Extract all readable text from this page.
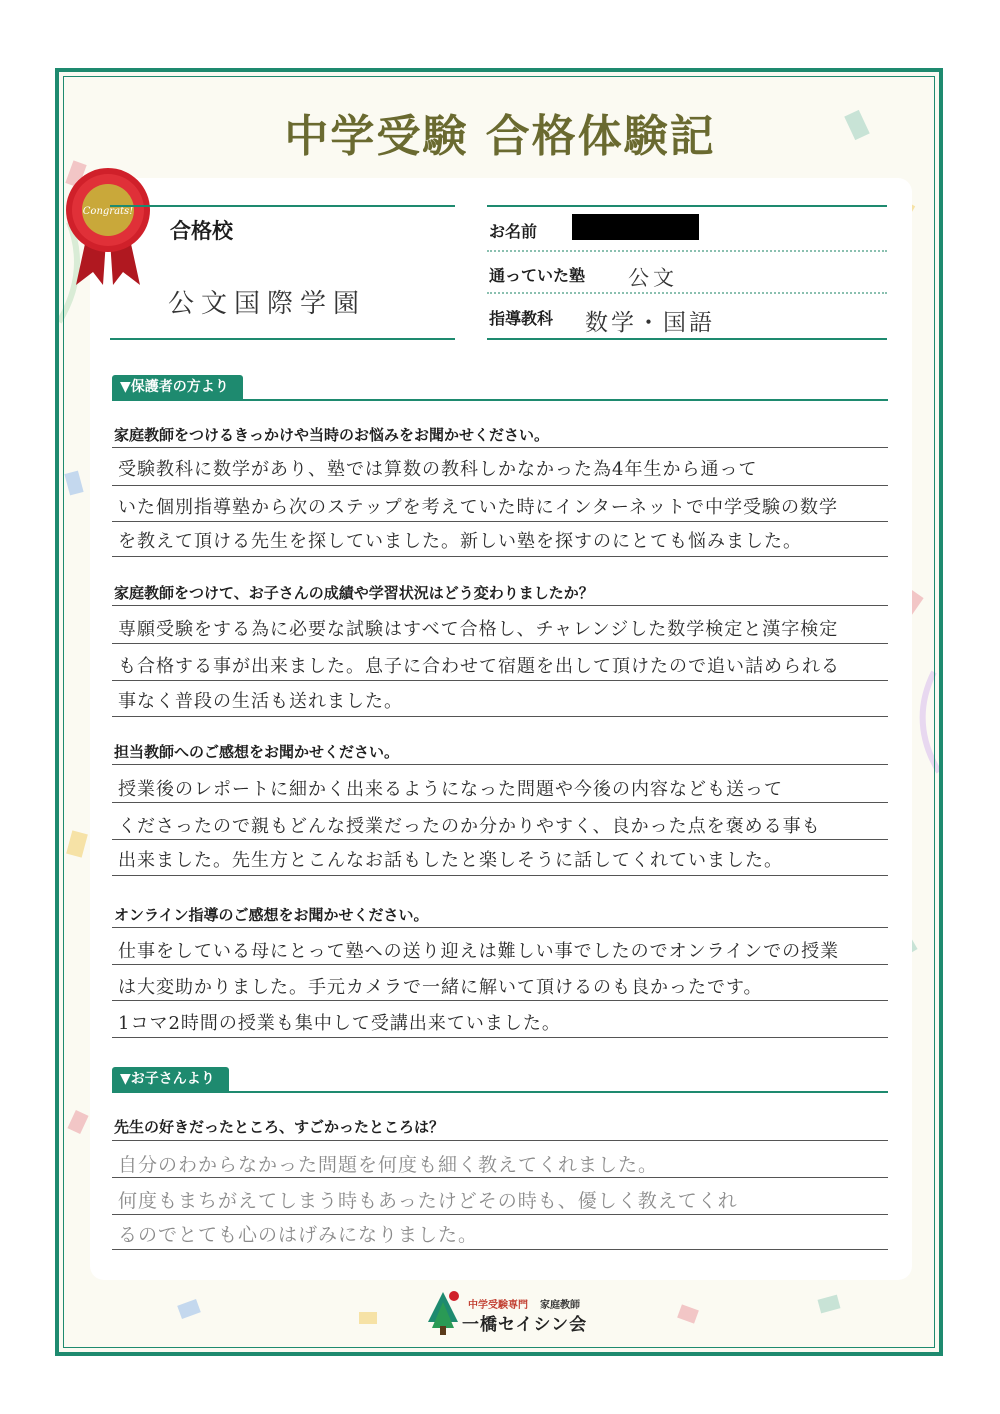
中学受験 合格体験記
Congrats!
合格校
公文国際学園
お名前
通っていた塾 公文
指導教科 数学・国語
▼保護者の方より
家庭教師をつけるきっかけや当時のお悩みをお聞かせください。
受験教科に数学があり、塾では算数の教科しかなかった為4年生から通って
いた個別指導塾から次のステップを考えていた時にインターネットで中学受験の数学
を教えて頂ける先生を探していました。新しい塾を探すのにとても悩みました。
家庭教師をつけて、お子さんの成績や学習状況はどう変わりましたか？
専願受験をする為に必要な試験はすべて合格し、チャレンジした数学検定と漢字検定
も合格する事が出来ました。息子に合わせて宿題を出して頂けたので追い詰められる
事なく普段の生活も送れました。
担当教師へのご感想をお聞かせください。
授業後のレポートに細かく出来るようになった問題や今後の内容なども送って
くださったので親もどんな授業だったのか分かりやすく、良かった点を褒める事も
出来ました。先生方とこんなお話もしたと楽しそうに話してくれていました。
オンライン指導のご感想をお聞かせください。
仕事をしている母にとって塾への送り迎えは難しい事でしたのでオンラインでの授業
は大変助かりました。手元カメラで一緒に解いて頂けるのも良かったです。
1コマ2時間の授業も集中して受講出来ていました。
▼お子さんより
先生の好きだったところ、すごかったところは？
自分のわからなかった問題を何度も細く教えてくれました。
何度もまちがえてしまう時もあったけどその時も、優しく教えてくれ
るのでとても心のはげみになりました。
中学受験専門 家庭教師
一橋セイシン会
